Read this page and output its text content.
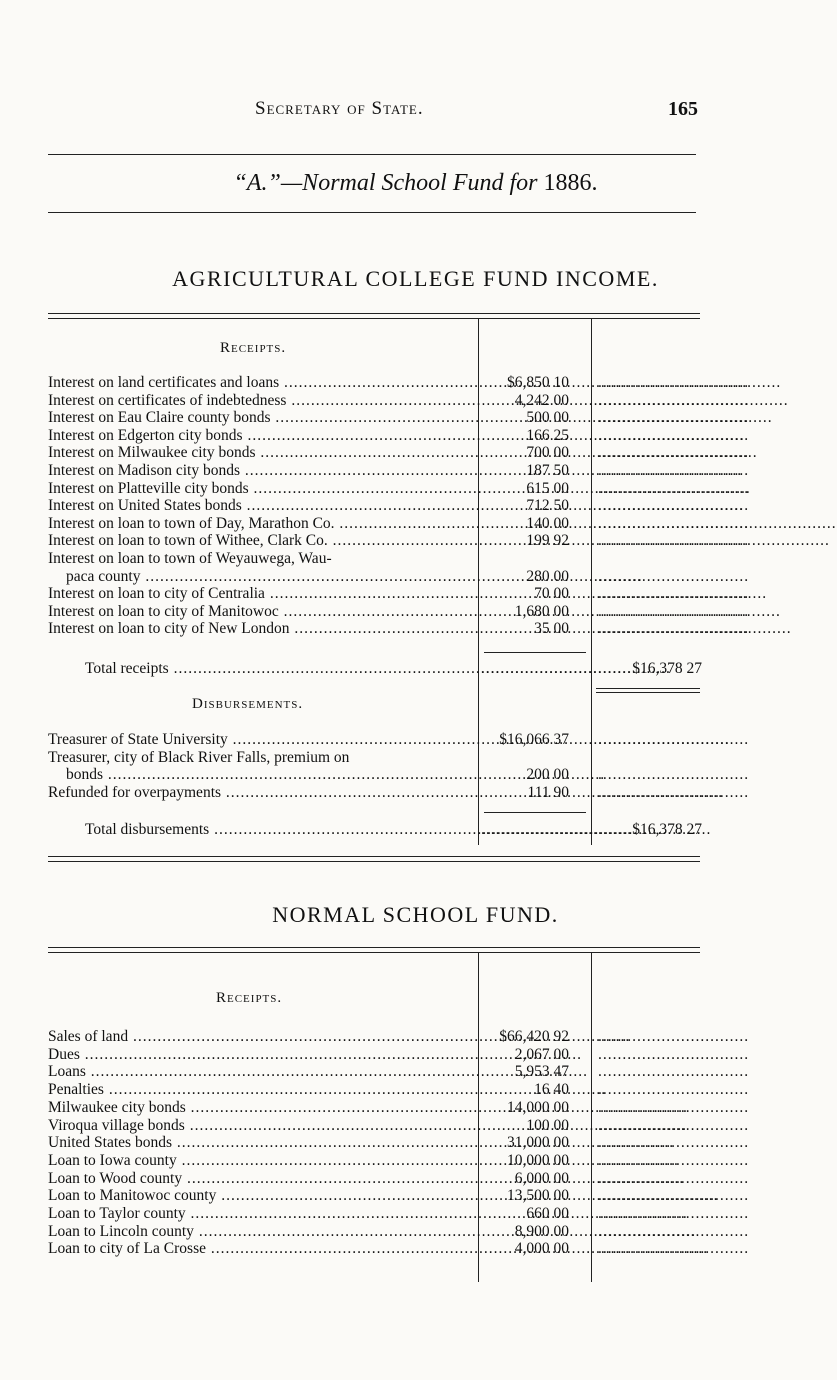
Secretary of State.	165
“A.”—Normal School Fund for 1886.
AGRICULTURAL COLLEGE FUND INCOME.
Receipts.
Interest on land certificates and loans .....	$6,850 10 ...............................
Interest on certificates of indebtedness .....	4,242 00 ...............................
Interest on Eau Claire county bonds .....	500 00 ...............................
Interest on Edgerton city bonds .....	166 25 ...............................
Interest on Milwaukee city bonds .....	700 00 ...............................
Interest on Madison city bonds .....	187 50 ...............................
Interest on Platteville city bonds .....	615 00 ...............................
Interest on United States bonds .....	712 50 ...............................
Interest on loan to town of Day, Marathon Co. .....	140 00 ...............................
Interest on loan to town of Withee, Clark Co. .....	199 92 ...............................
Interest on loan to town of Weyauwega, Wau-
paca county .....	280 00 ...............................
Interest on loan to city of Centralia .....	70 00 ...............................
Interest on loan to city of Manitowoc .....	1,680 00 ...............................
Interest on loan to city of New London .....	35 00 ...............................
Total receipts .....	............................... $16,378 27
Disbursements.
Treasurer of State University .....	$16,066 37 ...............................
Treasurer, city of Black River Falls, premium on
bonds .....	200 00 ...............................
Refunded for overpayments .....	111 90 ...............................
Total disbursements .....	............................... $16,378 27
NORMAL SCHOOL FUND.
Receipts.
Sales of land .....	$66,420 92 ...............................
Dues .....	2,067 00 ...............................
Loans .....	5,953 47 ...............................
Penalties .....	16 40 ...............................
Milwaukee city bonds .....	14,000 00 ...............................
Viroqua village bonds .....	100 00 ...............................
United States bonds .....	31,000 00 ...............................
Loan to Iowa county .....	10,000 00 ...............................
Loan to Wood county .....	6,000 00 ...............................
Loan to Manitowoc county .....	13,500 00 ...............................
Loan to Taylor county .....	660 00 ...............................
Loan to Lincoln county .....	8,900 00 ...............................
Loan to city of La Crosse .....	4,000 00 ...............................
